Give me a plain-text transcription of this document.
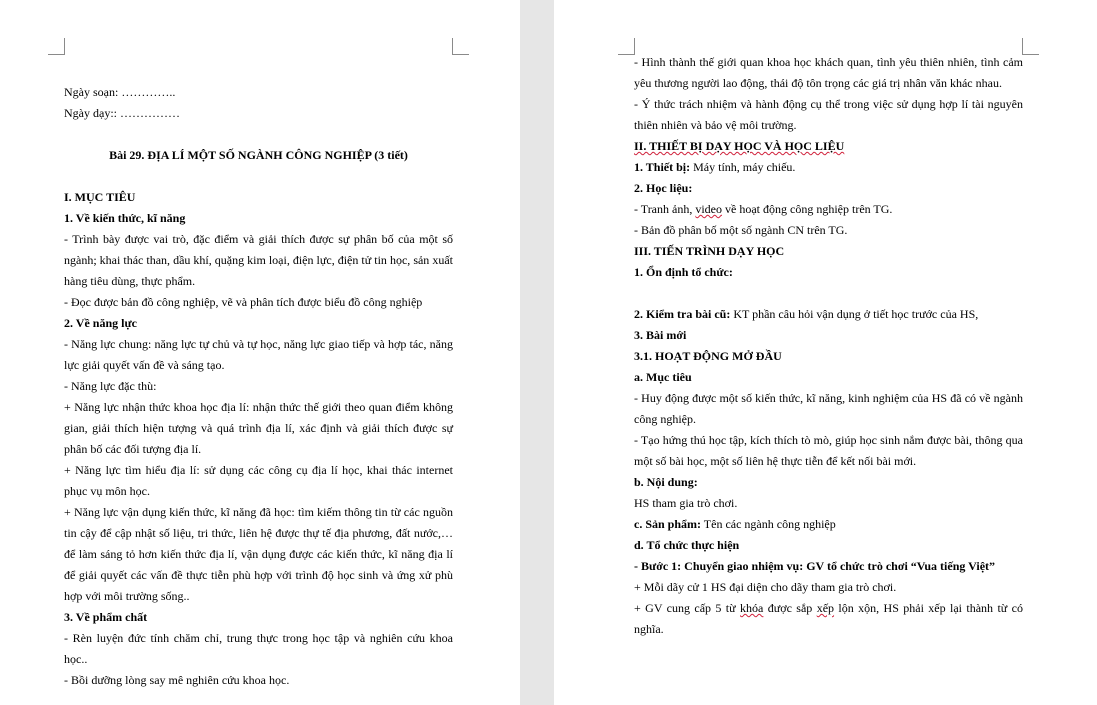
Ngày soạn: …………..

Ngày dạy:: ……………

Bài 29. ĐỊA LÍ MỘT SỐ NGÀNH CÔNG NGHIỆP (3 tiết)

I. MỤC TIÊU

1. Về kiến thức, kĩ năng

- Trình bày được vai trò, đặc điểm và giải thích được sự phân bố của một số ngành; khai thác than, dầu khí, quặng kim loại, điện lực, điện tử tin học, sản xuất hàng tiêu dùng, thực phẩm.

- Đọc được bản đồ công nghiệp, vẽ và phân tích được biểu đồ công nghiệp

2. Về năng lực

- Năng lực chung: năng lực tự chủ và tự học, năng lực giao tiếp và hợp tác, năng lực giải quyết vấn đề và sáng tạo.

- Năng lực đặc thù:

+ Năng lực nhận thức khoa học địa lí: nhận thức thế giới theo quan điểm không gian, giải thích hiện tượng và quá trình địa lí, xác định và giải thích được sự phân bố các đối tượng địa lí.

+ Năng lực tìm hiểu địa lí: sử dụng các công cụ địa lí học, khai thác internet phục vụ môn học.

+ Năng lực vận dụng kiến thức, kĩ năng đã học: tìm kiếm thông tin từ các nguồn tin cậy để cập nhật số liệu, tri thức, liên hệ được thự tế địa phương, đất nước,… để làm sáng tỏ hơn kiến thức địa lí, vận dụng được các kiến thức, kĩ năng địa lí để giải quyết các vấn đề thực tiễn phù hợp với trình độ học sinh và ứng xử phù hợp với môi trường sống..

3. Về phẩm chất

- Rèn luyện đức tính chăm chỉ, trung thực trong học tập và nghiên cứu khoa học..

- Bồi dưỡng lòng say mê nghiên cứu khoa học.

- Hình thành thế giới quan khoa học khách quan, tình yêu thiên nhiên, tình cảm yêu thương người lao động, thái độ tôn trọng các giá trị nhân văn khác nhau.

- Ý thức trách nhiệm và hành động cụ thể trong việc sử dụng hợp lí tài nguyên thiên nhiên và bảo vệ môi trường.

II. THIẾT BỊ DẠY HỌC VÀ HỌC LIỆU

1. Thiết bị: Máy tính, máy chiếu.

2. Học liệu:

- Tranh ảnh, video về hoạt động công nghiệp trên TG.

- Bản đồ phân bố một số ngành CN trên TG.

III. TIẾN TRÌNH DẠY HỌC

1. Ổn định tổ chức:

2. Kiểm tra bài cũ: KT phần câu hỏi vận dụng ở tiết học trước của HS,

3. Bài mới

3.1. HOẠT ĐỘNG MỞ ĐẦU

a. Mục tiêu

- Huy động được một số kiến thức, kĩ năng, kinh nghiệm của HS đã có về ngành công nghiệp.

- Tạo hứng thú học tập, kích thích tò mò, giúp học sinh nắm được bài, thông qua một số bài học, một số liên hệ thực tiễn để kết nối bài mới.

b. Nội dung:

HS tham gia trò chơi.

c. Sản phẩm: Tên các ngành công nghiệp

d. Tổ chức thực hiện

- Bước 1: Chuyển giao nhiệm vụ: GV tổ chức trò chơi “Vua tiếng Việt”

+ Mỗi dãy cử 1 HS đại diện cho dãy tham gia trò chơi.

+ GV cung cấp 5 từ khóa được sắp xếp lộn xộn, HS phải xếp lại thành từ có nghĩa.
